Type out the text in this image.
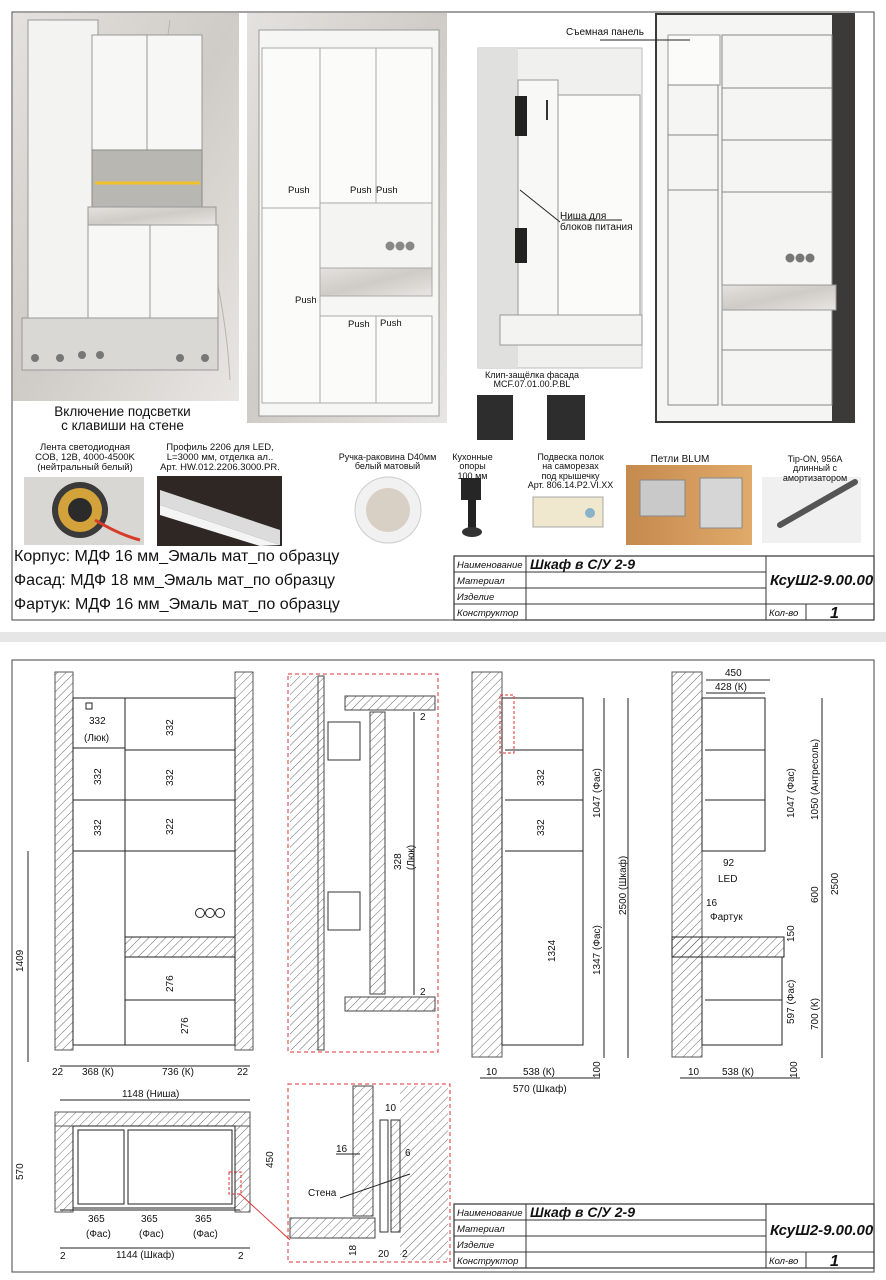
Наименование
Материал
Изделие
Конструктор
Шкаф в С/У 2-9
КсуШ2-9.00.00
Кол-во 1
332
(Люк)
332
332
332
332
322
276
276
1409
22 368 (К)	736 (К)	22
1148 (Ниша)
2
2
328 (Люк)
1047 (Фас)
2500 (Шкаф)
1324	1347 (Фас)
332
332
10	538 (К)	100
570 (Шкаф)
450
428 (К)
1047 (Фас) 1050 (Антресоль)
2500
92
LED
600
16
Фартук
150
597 (Фас) 700 (К)
10 538 (К)	100
570
450
365	365	365
(Фас)	(Фас)	(Фас)
2	1144 (Шкаф)	2
10
16	6
Стена
18 20 2
Наименование
Материал
Изделие
Конструктор
Шкаф в С/У 2-9
КсуШ2-9.00.00
Кол-во 1
Включение подсветки
с клавиши на стене
Съемная панель
Ниша для
блоков питания
Push	Push Push
Push
Push Push
Клип-защёлка фасада
MCF.07.01.00.P.BL
Лента светодиодная
COB, 12В, 4000-4500K
(нейтральный белый)
Профиль 2206 для LED,
L=3000 мм, отделка ал..
Арт. HW.012.2206.3000.PR.
Ручка-раковина D40мм
белый матовый
Кухонные опоры
100 мм
Подвеска полок
на саморезах
под крышечку
Арт. 806.14.P2.VI.XX
Петли BLUM	Tip-ON, 956A
длинный с амортизатором
Корпус: МДФ 16 мм_Эмаль мат_по образцу
Фасад: МДФ 18 мм_Эмаль мат_по образцу
Фартук: МДФ 16 мм_Эмаль мат_по образцу
